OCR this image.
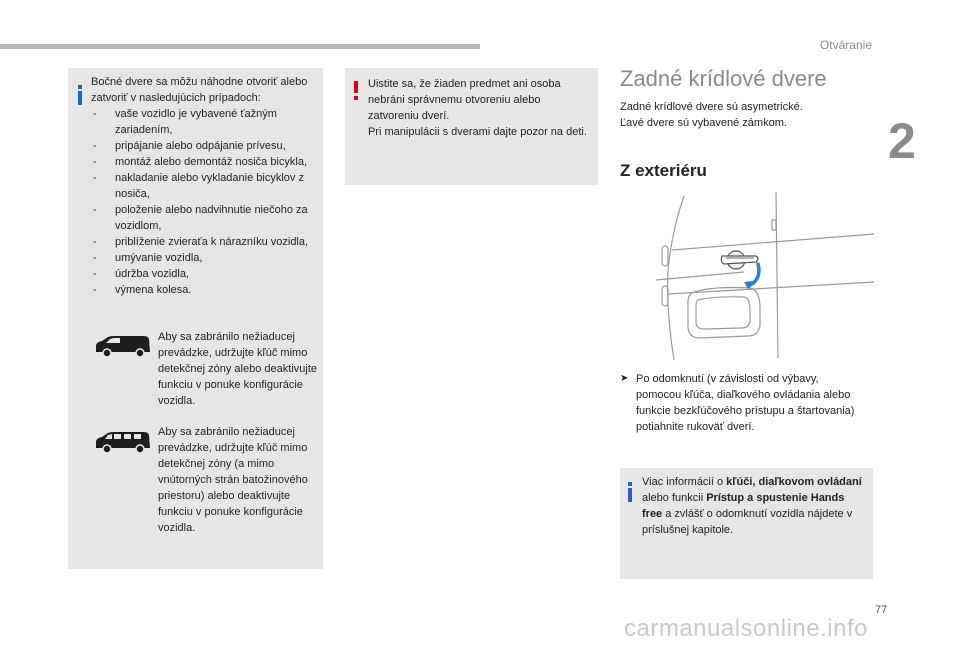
Otváranie
2

Bočné dvere sa môžu náhodne otvoriť alebo zatvoriť v nasledujúcich prípadoch:

- vaše vozidlo je vybavené ťažným zariadením,
- pripájanie alebo odpájanie prívesu,
- montáž alebo demontáž nosiča bicykla,
- nakladanie alebo vykladanie bicyklov z nosiča,
- položenie alebo nadvihnutie niečoho za vozidlom,
- priblíženie zvieraťa k nárazníku vozidla,
- umývanie vozidla,
- údržba vozidla,
- výmena kolesa.
Aby sa zabránilo nežiaducej prevádzke, udržujte kľúč mimo detekčnej zóny alebo deaktivujte funkciu v ponuke konfigurácie vozidla.
Aby sa zabránilo nežiaducej prevádzke, udržujte kľúč mimo detekčnej zóny (a mimo vnútorných strán batožinového priestoru) alebo deaktivujte funkciu v ponuke konfigurácie vozidla.

Uistite sa, že žiaden predmet ani osoba nebráni správnemu otvoreniu alebo zatvoreniu dverí.

Pri manipulácii s dverami dajte pozor na deti.

Zadné krídlové dvere

Zadné krídlové dvere sú asymetrické.

Ľavé dvere sú vybavené zámkom.

Z exteriéru
➤ Po odomknutí (v závislosti od výbavy, pomocou kľúča, diaľkového ovládania alebo funkcie bezkľúčového prístupu a štartovania) potiahnite rukoväť dverí.

Viac informácií o kľúči, diaľkovom ovládaní alebo funkcii Prístup a spustenie Hands free a zvlášť o odomknutí vozidla nájdete v príslušnej kapitole.
77
carmanualsonline.info
